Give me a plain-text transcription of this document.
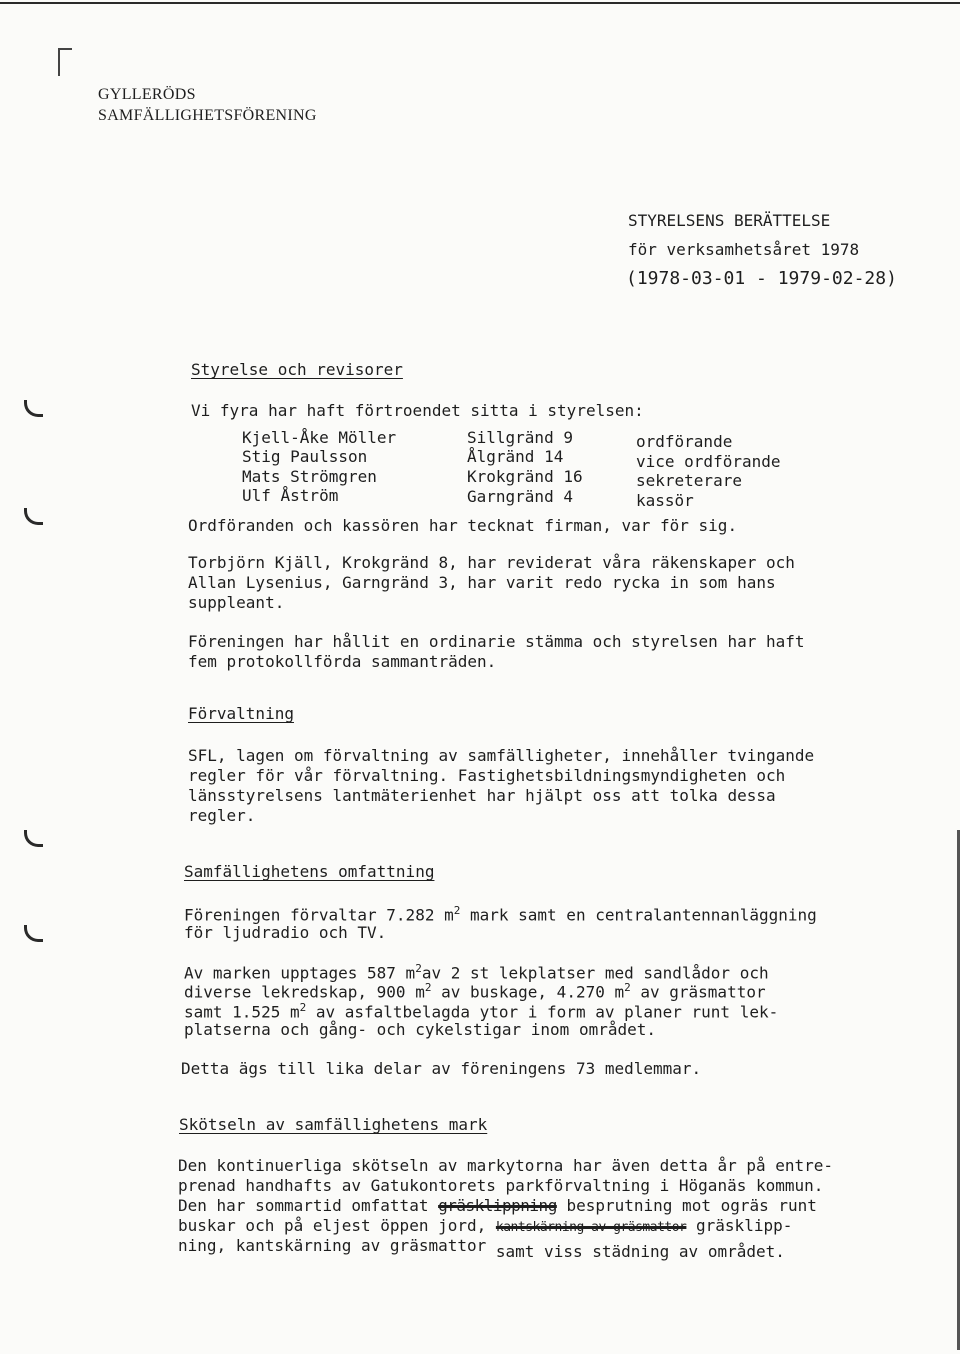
GYLLERÖDS
SAMFÄLLIGHETSFÖRENING
STYRELSENS BERÄTTELSE
för verksamhetsåret 1978
(1978-03-01 - 1979-02-28)
Styrelse och revisorer
Vi fyra har haft förtroendet sitta i styrelsen:
Kjell-Åke Möller	Sillgränd 9	ordförande
Stig Paulsson	Ålgränd 14	vice ordförande
Mats Strömgren	Krokgränd 16	sekreterare
Ulf Åström	Garngränd 4	kassör
Ordföranden och kassören har tecknat firman, var för sig.
Torbjörn Kjäll, Krokgränd 8, har reviderat våra räkenskaper och
Allan Lysenius, Garngränd 3, har varit redo rycka in som hans
suppleant.
Föreningen har hållit en ordinarie stämma och styrelsen har haft
fem protokollförda sammanträden.
Förvaltning
SFL, lagen om förvaltning av samfälligheter, innehåller tvingande
regler för vår förvaltning. Fastighetsbildningsmyndigheten och
länsstyrelsens lantmäterienhet har hjälpt oss att tolka dessa
regler.
Samfällighetens omfattning
Föreningen förvaltar 7.282 $m^2$ mark samt en centralantennanläggning
för ljudradio och TV.
Av marken upptages 587 $m^2av$ 2 st lekplatser med sandlådor och
diverse lekredskap, 900 $m^2$ av buskage, 4.270 $m^2$ av gräsmattor
samt 1.525 $m^2$ av asfaltbelagda ytor i form av planer runt lek-
platserna och gång- och cykelstigar inom området.
Detta ägs till lika delar av föreningens 73 medlemmar.
Skötseln av samfällighetens mark
Den kontinuerliga skötseln av markytorna har även detta år på entre-
prenad handhafts av Gatukontorets parkförvaltning i Höganäs kommun.
Den har sommartid omfattat gräsklippning besprutning mot ogräs runt
buskar och på eljest öppen jord, kantskärning av gräsmattor gräsklipp-
ning, kantskärning av gräsmattor samt viss städning av området.
